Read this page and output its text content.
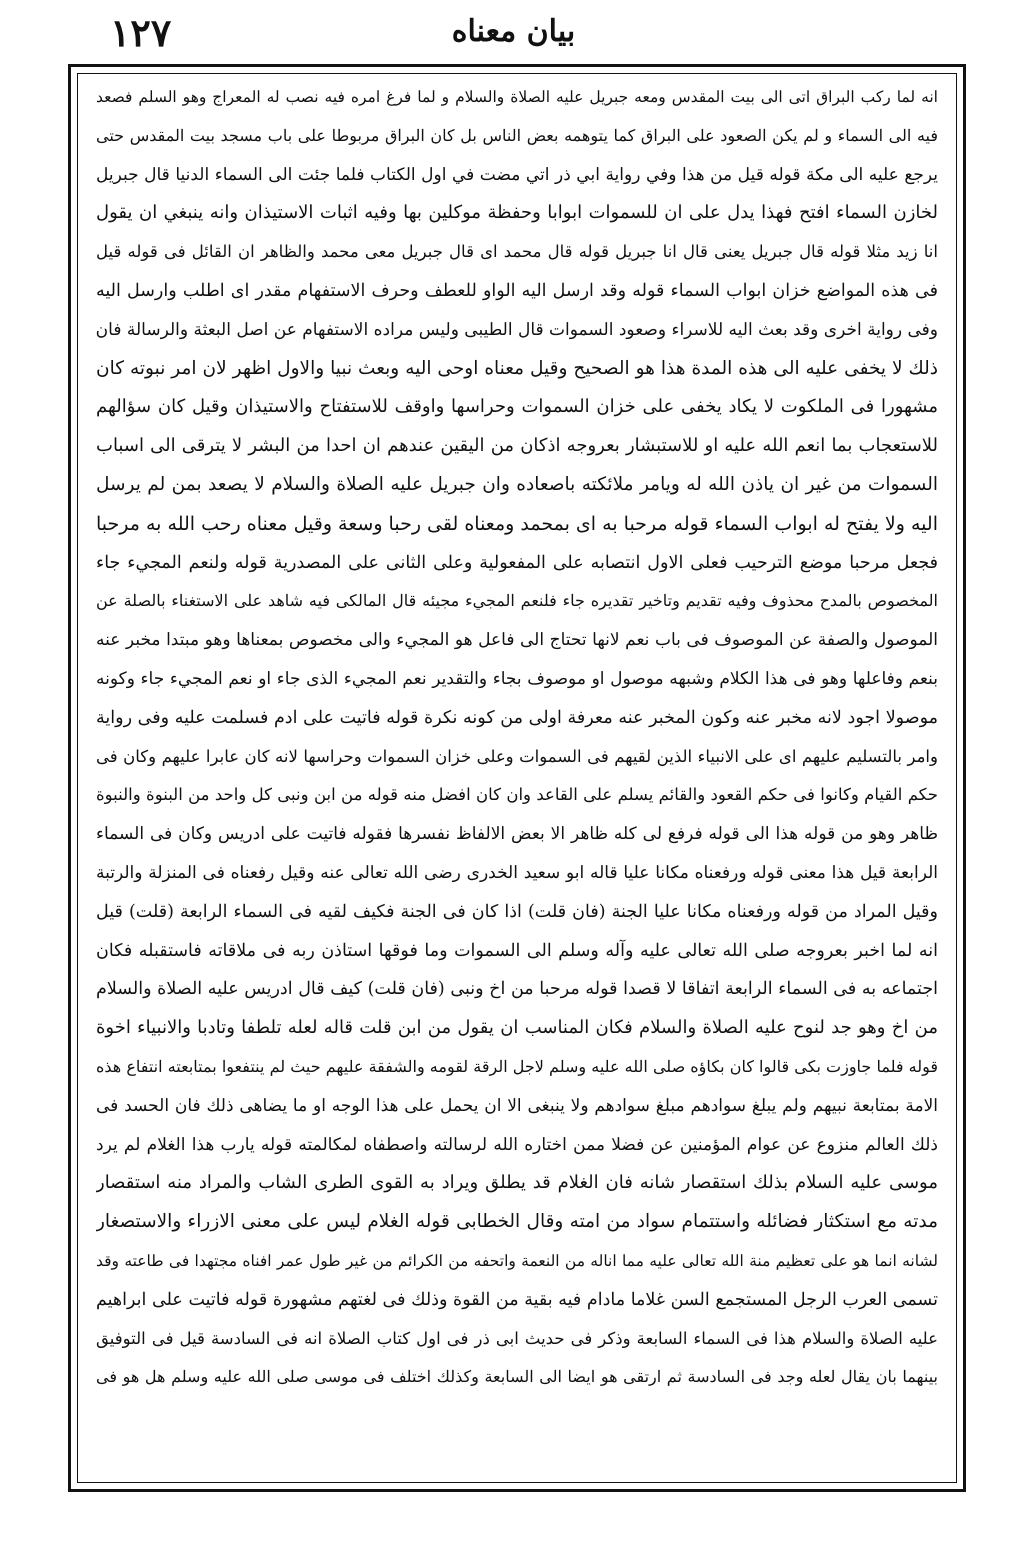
١٢٧	بيان معناه
انه لما ركب البراق اتى الى بيت المقدس ومعه جبريل عليه الصلاة والسلام و لما فرغ امره فيه نصب له المعراج وهو السلم فصعد
فيه الى السماء و لم يكن الصعود على البراق كما يتوهمه بعض الناس بل كان البراق مربوطا على باب مسجد بيت المقدس حتى
يرجع عليه الى مكة قوله قيل من هذا وفي رواية ابي ذر اتي مضت في اول الكتاب فلما جئت الى السماء الدنيا قال جبريل
لخازن السماء افتح فهذا يدل على ان للسموات ابوابا وحفظة موكلين بها وفيه اثبات الاستيذان وانه ينبغي ان يقول
انا زيد مثلا قوله قال جبريل يعنى قال انا جبريل قوله قال محمد اى قال جبريل معى محمد والظاهر ان القائل فى قوله قيل
فى هذه المواضع خزان ابواب السماء قوله وقد ارسل اليه الواو للعطف وحرف الاستفهام مقدر اى اطلب وارسل اليه
وفى رواية اخرى وقد بعث اليه للاسراء وصعود السموات قال الطيبى وليس مراده الاستفهام عن اصل البعثة والرسالة فان
ذلك لا يخفى عليه الى هذه المدة هذا هو الصحيح وقيل معناه اوحى اليه وبعث نبيا والاول اظهر لان امر نبوته كان
مشهورا فى الملكوت لا يكاد يخفى على خزان السموات وحراسها واوقف للاستفتاح والاستيذان وقيل كان سؤالهم
للاستعجاب بما انعم الله عليه او للاستبشار بعروجه اذكان من اليقين عندهم ان احدا من البشر لا يترقى الى اسباب
السموات من غير ان ياذن الله له ويامر ملائكته باصعاده وان جبريل عليه الصلاة والسلام لا يصعد بمن لم يرسل
اليه ولا يفتح له ابواب السماء قوله مرحبا به اى بمحمد ومعناه لقى رحبا وسعة وقيل معناه رحب الله به مرحبا
فجعل مرحبا موضع الترحيب فعلى الاول انتصابه على المفعولية وعلى الثانى على المصدرية قوله ولنعم المجيء جاء
المخصوص بالمدح محذوف وفيه تقديم وتاخير تقديره جاء فلنعم المجيء مجيئه قال المالكى فيه شاهد على الاستغناء بالصلة عن
الموصول والصفة عن الموصوف فى باب نعم لانها تحتاج الى فاعل هو المجيء والى مخصوص بمعناها وهو مبتدا مخبر عنه
بنعم وفاعلها وهو فى هذا الكلام وشبهه موصول او موصوف بجاء والتقدير نعم المجيء الذى جاء او نعم المجيء جاء وكونه
موصولا اجود لانه مخبر عنه وكون المخبر عنه معرفة اولى من كونه نكرة قوله فاتيت على ادم فسلمت عليه وفى رواية
وامر بالتسليم عليهم اى على الانبياء الذين لقيهم فى السموات وعلى خزان السموات وحراسها لانه كان عابرا عليهم وكان فى
حكم القيام وكانوا فى حكم القعود والقائم يسلم على القاعد وان كان افضل منه قوله من ابن ونبى كل واحد من البنوة والنبوة
ظاهر وهو من قوله هذا الى قوله فرفع لى كله ظاهر الا بعض الالفاظ نفسرها فقوله فاتيت على ادريس وكان فى السماء
الرابعة قيل هذا معنى قوله ورفعناه مكانا عليا قاله ابو سعيد الخدرى رضى الله تعالى عنه وقيل رفعناه فى المنزلة والرتبة
وقيل المراد من قوله ورفعناه مكانا عليا الجنة (فان قلت) اذا كان فى الجنة فكيف لقيه فى السماء الرابعة (قلت) قيل
انه لما اخبر بعروجه صلى الله تعالى عليه وآله وسلم الى السموات وما فوقها استاذن ربه فى ملاقاته فاستقبله فكان
اجتماعه به فى السماء الرابعة اتفاقا لا قصدا قوله مرحبا من اخ ونبى (فان قلت) كيف قال ادريس عليه الصلاة والسلام
من اخ وهو جد لنوح عليه الصلاة والسلام فكان المناسب ان يقول من ابن قلت قاله لعله تلطفا وتادبا والانبياء اخوة
قوله فلما جاوزت بكى قالوا كان بكاؤه صلى الله عليه وسلم لاجل الرقة لقومه والشفقة عليهم حيث لم ينتفعوا بمتابعته انتفاع هذه
الامة بمتابعة نبيهم ولم يبلغ سوادهم مبلغ سوادهم ولا ينبغى الا ان يحمل على هذا الوجه او ما يضاهى ذلك فان الحسد فى
ذلك العالم منزوع عن عوام المؤمنين عن فضلا ممن اختاره الله لرسالته واصطفاه لمكالمته قوله يارب هذا الغلام لم يرد
موسى عليه السلام بذلك استقصار شانه فان الغلام قد يطلق ويراد به القوى الطرى الشاب والمراد منه استقصار
مدته مع استكثار فضائله واستتمام سواد من امته وقال الخطابى قوله الغلام ليس على معنى الازراء والاستصغار
لشانه انما هو على تعظيم منة الله تعالى عليه مما اناله من النعمة واتحفه من الكرائم من غير طول عمر افناه مجتهدا فى طاعته وقد
تسمى العرب الرجل المستجمع السن غلاما مادام فيه بقية من القوة وذلك فى لغتهم مشهورة قوله فاتيت على ابراهيم
عليه الصلاة والسلام هذا فى السماء السابعة وذكر فى حديث ابى ذر فى اول كتاب الصلاة انه فى السادسة قيل فى التوفيق
بينهما بان يقال لعله وجد فى السادسة ثم ارتقى هو ايضا الى السابعة وكذلك اختلف فى موسى صلى الله عليه وسلم هل هو فى
